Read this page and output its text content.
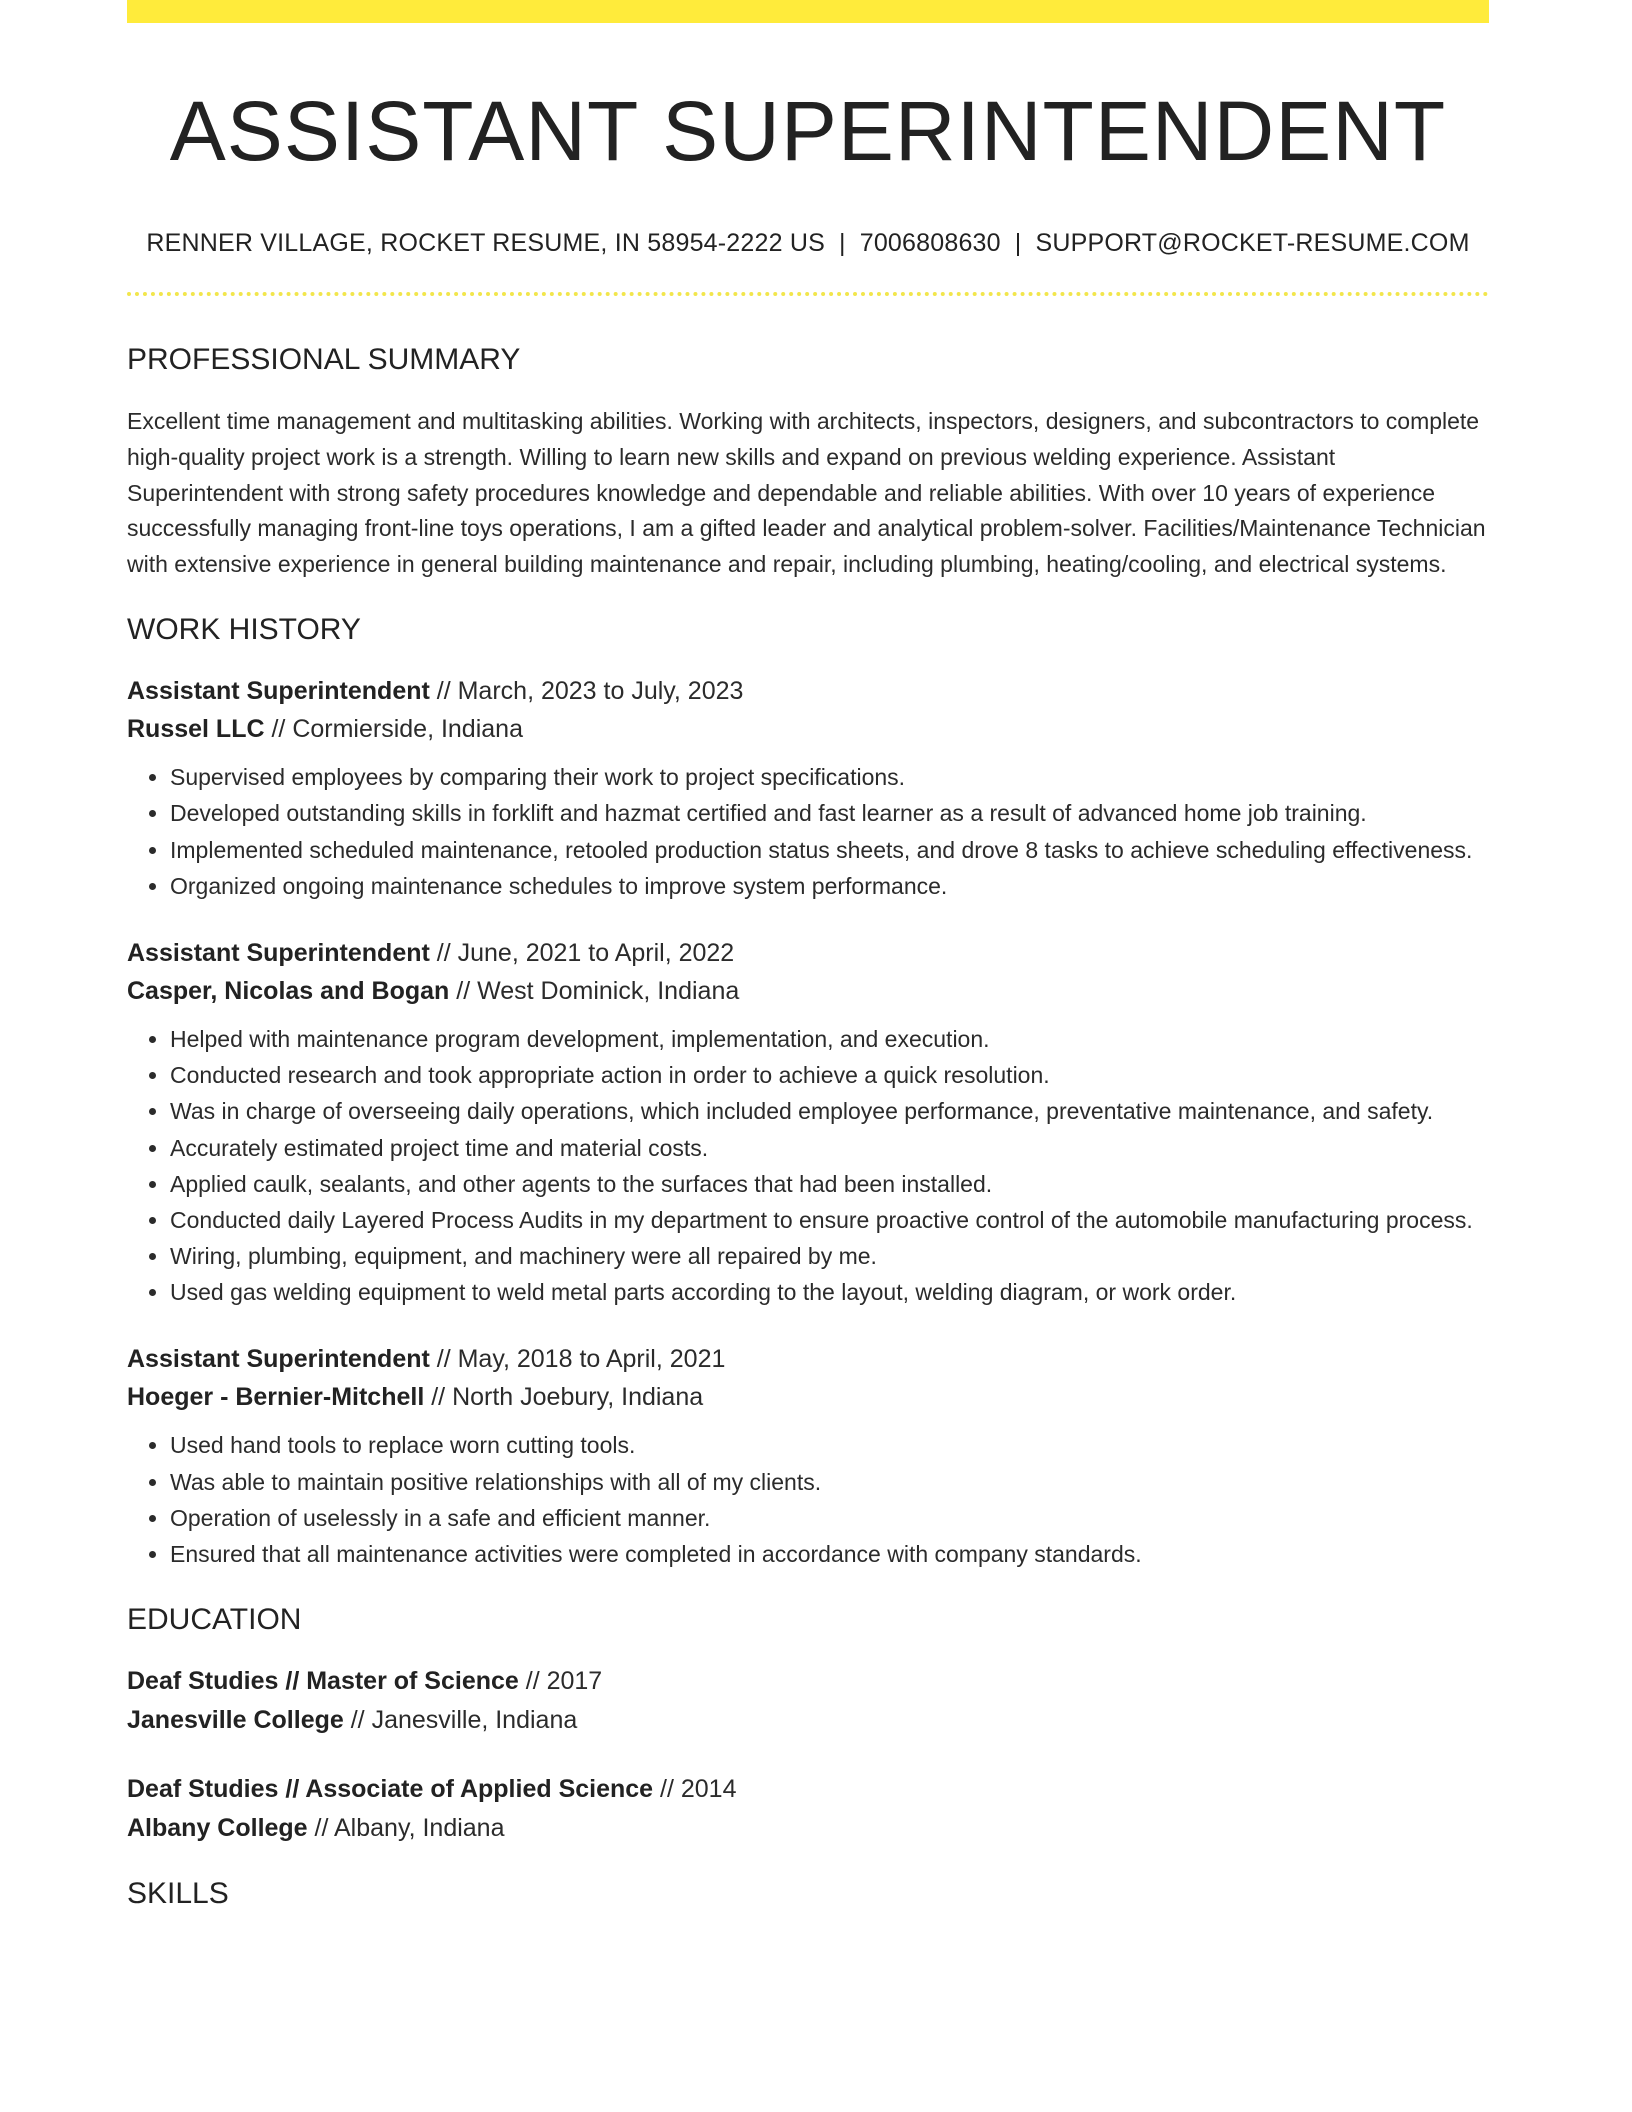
ASSISTANT SUPERINTENDENT
RENNER VILLAGE, ROCKET RESUME, IN 58954-2222 US | 7006808630 | SUPPORT@ROCKET-RESUME.COM
PROFESSIONAL SUMMARY

Excellent time management and multitasking abilities. Working with architects, inspectors, designers, and subcontractors to complete high-quality project work is a strength. Willing to learn new skills and expand on previous welding experience. Assistant Superintendent with strong safety procedures knowledge and dependable and reliable abilities. With over 10 years of experience successfully managing front-line toys operations, I am a gifted leader and analytical problem-solver. Facilities/Maintenance Technician with extensive experience in general building maintenance and repair, including plumbing, heating/cooling, and electrical systems.

WORK HISTORY
Assistant Superintendent // March, 2023 to July, 2023
Russel LLC // Cormierside, Indiana
• Supervised employees by comparing their work to project specifications.
• Developed outstanding skills in forklift and hazmat certified and fast learner as a result of advanced home job training.
• Implemented scheduled maintenance, retooled production status sheets, and drove 8 tasks to achieve scheduling effectiveness.
• Organized ongoing maintenance schedules to improve system performance.
Assistant Superintendent // June, 2021 to April, 2022
Casper, Nicolas and Bogan // West Dominick, Indiana
• Helped with maintenance program development, implementation, and execution.
• Conducted research and took appropriate action in order to achieve a quick resolution.
• Was in charge of overseeing daily operations, which included employee performance, preventative maintenance, and safety.
• Accurately estimated project time and material costs.
• Applied caulk, sealants, and other agents to the surfaces that had been installed.
• Conducted daily Layered Process Audits in my department to ensure proactive control of the automobile manufacturing process.
• Wiring, plumbing, equipment, and machinery were all repaired by me.
• Used gas welding equipment to weld metal parts according to the layout, welding diagram, or work order.
Assistant Superintendent // May, 2018 to April, 2021
Hoeger - Bernier-Mitchell // North Joebury, Indiana
• Used hand tools to replace worn cutting tools.
• Was able to maintain positive relationships with all of my clients.
• Operation of uselessly in a safe and efficient manner.
• Ensured that all maintenance activities were completed in accordance with company standards.
EDUCATION
Deaf Studies // Master of Science // 2017
Janesville College // Janesville, Indiana
Deaf Studies // Associate of Applied Science // 2014
Albany College // Albany, Indiana
SKILLS
